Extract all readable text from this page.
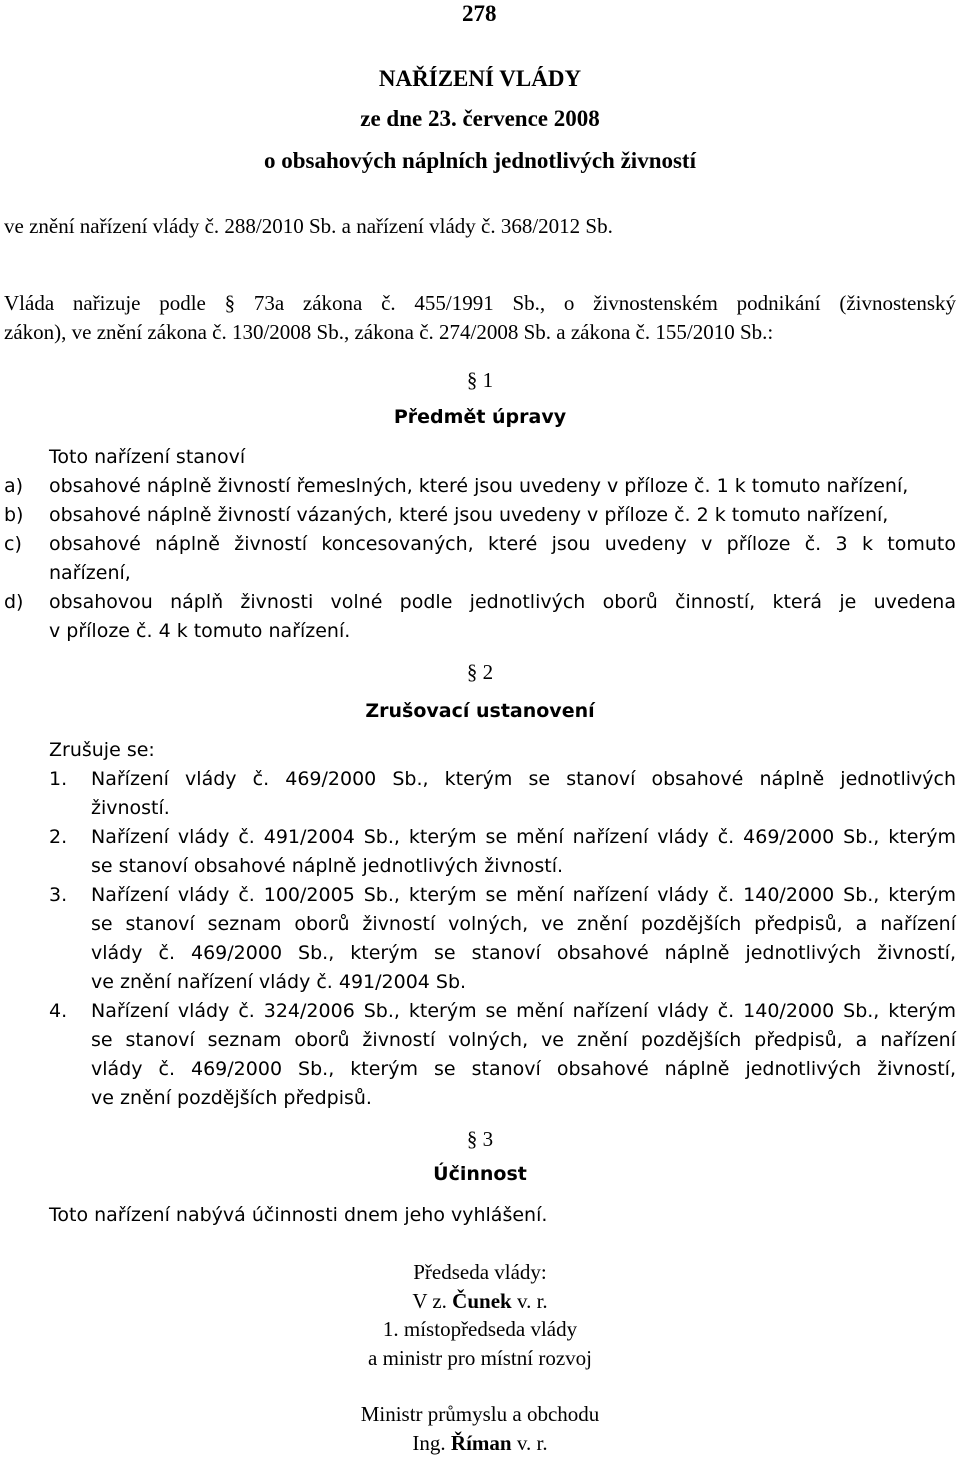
278
NAŘÍZENÍ VLÁDY
ze dne 23. července 2008
o obsahových náplních jednotlivých živností
ve znění nařízení vlády č. 288/2010 Sb. a nařízení vlády č. 368/2012 Sb.
Vláda nařizuje podle § 73a zákona č. 455/1991 Sb., o živnostenském podnikání (živnostenský
zákon), ve znění zákona č. 130/2008 Sb., zákona č. 274/2008 Sb. a zákona č. 155/2010 Sb.:
§ 1
Předmět úpravy
Toto nařízení stanoví
a) obsahové náplně živností řemeslných, které jsou uvedeny v příloze č. 1 k tomuto nařízení,
b) obsahové náplně živností vázaných, které jsou uvedeny v příloze č. 2 k tomuto nařízení,
c) obsahové náplně živností koncesovaných, které jsou uvedeny v příloze č. 3 k tomuto
nařízení,
d) obsahovou náplň živnosti volné podle jednotlivých oborů činností, která je uvedena
v příloze č. 4 k tomuto nařízení.
§ 2
Zrušovací ustanovení
Zrušuje se:
1. Nařízení vlády č. 469/2000 Sb., kterým se stanoví obsahové náplně jednotlivých
živností.
2. Nařízení vlády č. 491/2004 Sb., kterým se mění nařízení vlády č. 469/2000 Sb., kterým
se stanoví obsahové náplně jednotlivých živností.
3. Nařízení vlády č. 100/2005 Sb., kterým se mění nařízení vlády č. 140/2000 Sb., kterým
se stanoví seznam oborů živností volných, ve znění pozdějších předpisů, a nařízení
vlády č. 469/2000 Sb., kterým se stanoví obsahové náplně jednotlivých živností,
ve znění nařízení vlády č. 491/2004 Sb.
4. Nařízení vlády č. 324/2006 Sb., kterým se mění nařízení vlády č. 140/2000 Sb., kterým
se stanoví seznam oborů živností volných, ve znění pozdějších předpisů, a nařízení
vlády č. 469/2000 Sb., kterým se stanoví obsahové náplně jednotlivých živností,
ve znění pozdějších předpisů.
§ 3
Účinnost
Toto nařízení nabývá účinnosti dnem jeho vyhlášení.
Předseda vlády:
V z. Čunek v. r.
1. místopředseda vlády
a ministr pro místní rozvoj
Ministr průmyslu a obchodu
Ing. Říman v. r.
